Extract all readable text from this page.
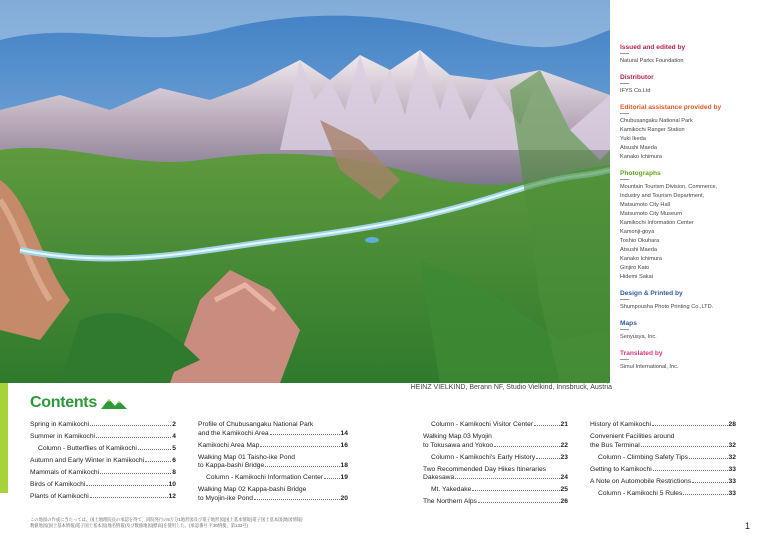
HEINZ VIELKIND, Berann NF, Studio Vielkind, Innsbruck, Austria
Issued and edited by
Natural Parks Foundation
Distributor
IFYS Co.Ltd
Editorial assistance provided by
Chubusangaku National Park
Kamikochi Ranger Station
Yuki Ikeda
Atsushi Maeda
Kanako Ichimura
Photographs
Mountain Tourism Division, Commerce,
Industry and Tourism Department,
Matsumoto City Hall
Matsumoto City Museum
Kamikochi Information Center
Kamonji-goya
Toshio Okuhara
Atsushi Maeda
Kanako Ichimura
Ginjiro Kato
Hidemi Sakai
Design & Printed by
Shumpousha Photo Printing Co.,LTD.
Maps
Senyusya, Inc.
Translated by
Simul International, Inc.
Contents
Spring in Kamikochi	2
Summer in Kamikochi	4
Column - Butterflies of Kamikochi	5
Autumn and Early Winter in Kamikochi	6
Mammals of Kamikochi	8
Birds of Kamikochi	10
Plants of Kamikochi	12
Profile of Chubusangaku National Park
and the Kamikochi Area	14
Kamikochi Area Map	16
Walking Map 01 Taisho-ike Pond
to Kappa-bashi Bridge	18
Column - Kamikochi Information Center	19
Walking Map 02 Kappa-bashi Bridge
to Myojin-ike Pond	20
Column - Kamikochi Visitor Center	21
Walking Map 03 Myojin
to Tokusawa and Yokoo	22
Column - Kamikochi's Early History	23
Two Recommended Day Hikes Itineraries
Dakesawa	24
Mt. Yakedake	25
The Northern Alps	26
History of Kamikochi	28
Convenient Facilities around
the Bus Terminal	32
Column - Climbing Safety Tips	32
Getting to Kamikochi	33
A Note on Automobile Restrictions	33
Column - Kamikochi 5 Rules	33
この地図の作成に当たっては、国土地理院長の承認を得て、同院発行の5万分1地形図及び電子地形図(国土基本情報)電子国土基本図(地図情報)
数値地図(国土基本情報)電子国土基本図(地名情報)及び数値地図(標高)を使用した。(承認番号 平30情使、第133号)	1
